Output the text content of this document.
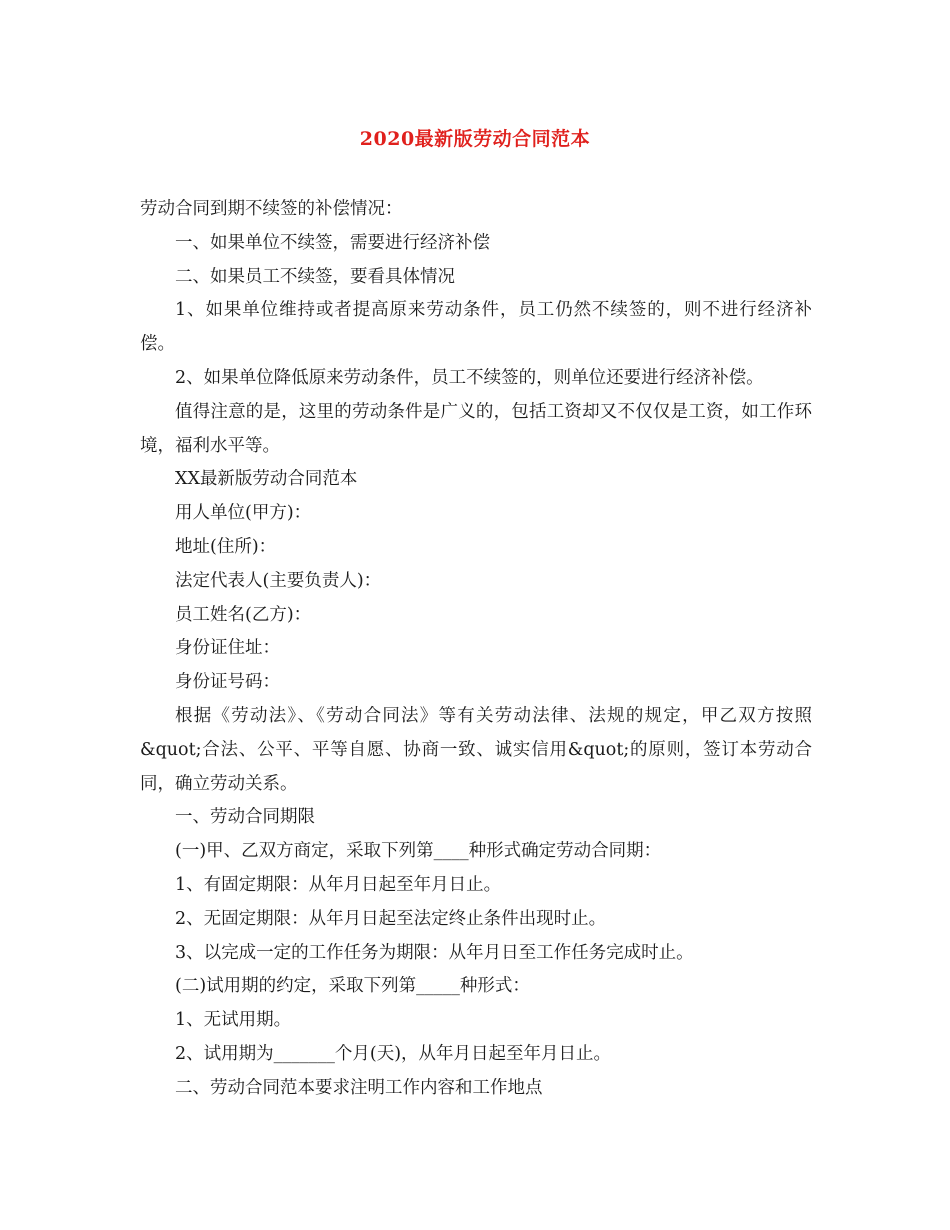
2020最新版劳动合同范本

劳动合同到期不续签的补偿情况：

一、如果单位不续签，需要进行经济补偿

二、如果员工不续签，要看具体情况

1、如果单位维持或者提高原来劳动条件，员工仍然不续签的，则不进行经济补偿。

2、如果单位降低原来劳动条件，员工不续签的，则单位还要进行经济补偿。

值得注意的是，这里的劳动条件是广义的，包括工资却又不仅仅是工资，如工作环境，福利水平等。

XX最新版劳动合同范本

用人单位(甲方)：

地址(住所)：

法定代表人(主要负责人)：

员工姓名(乙方)：

身份证住址：

身份证号码：

根据《劳动法》、《劳动合同法》等有关劳动法律、法规的规定，甲乙双方按照&quot;合法、公平、平等自愿、协商一致、诚实信用&quot;的原则，签订本劳动合同，确立劳动关系。

一、劳动合同期限

(一)甲、乙双方商定，采取下列第____种形式确定劳动合同期：

1、有固定期限：从年月日起至年月日止。

2、无固定期限：从年月日起至法定终止条件出现时止。

3、以完成一定的工作任务为期限：从年月日至工作任务完成时止。

(二)试用期的约定，采取下列第_____种形式：

1、无试用期。

2、试用期为_______个月(天)，从年月日起至年月日止。

二、劳动合同范本要求注明工作内容和工作地点
